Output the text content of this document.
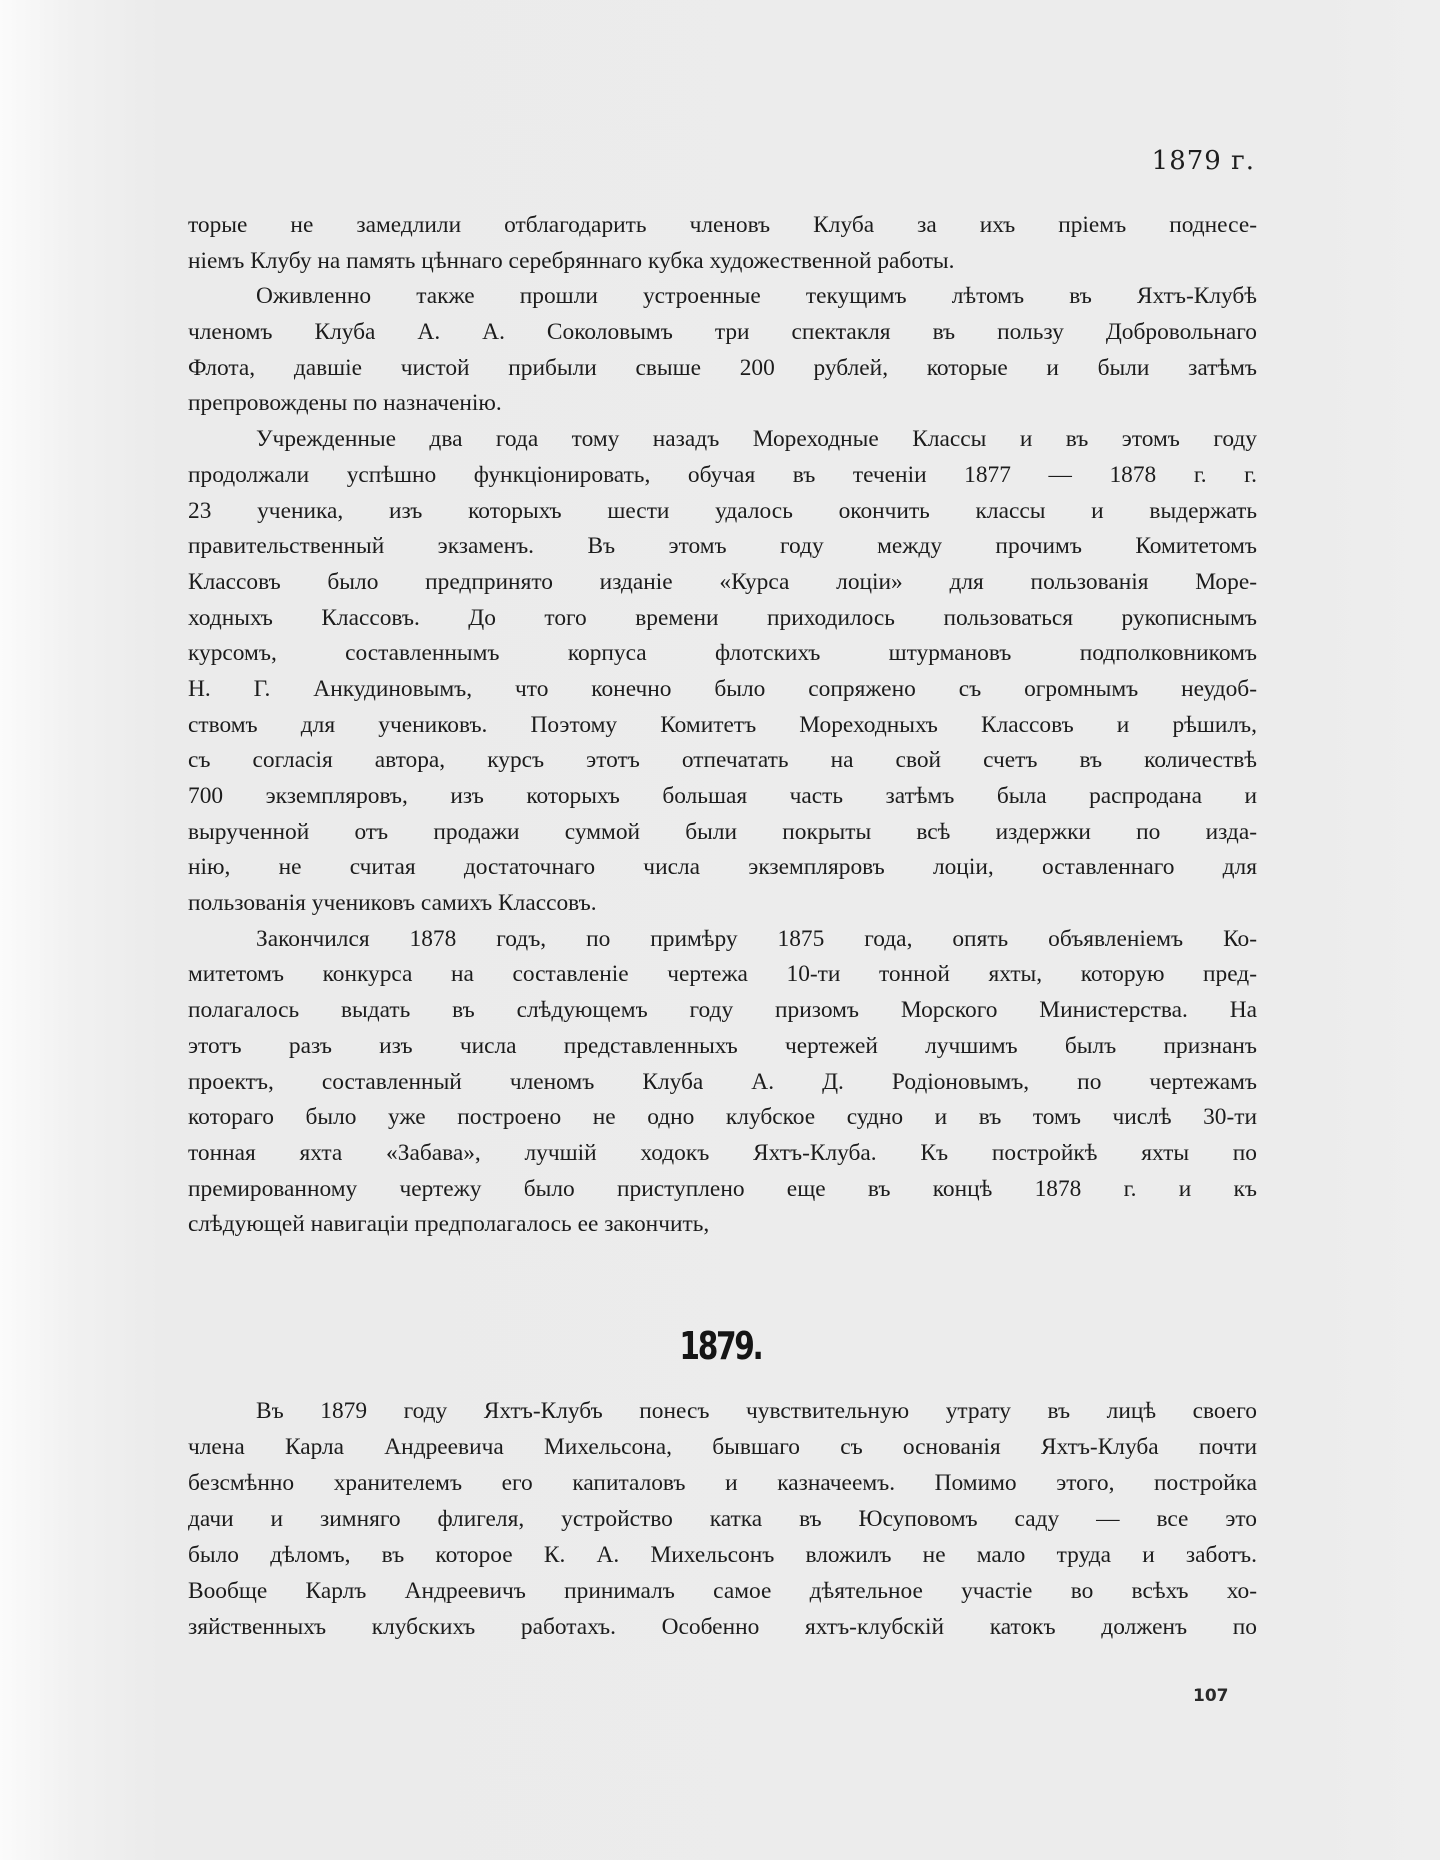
1879 г.
торые не замедлили отблагодарить членовъ Клуба за ихъ пріемъ поднесе-
ніемъ Клубу на память цѣннаго серебряннаго кубка художественной работы.
Оживленно также прошли устроенные текущимъ лѣтомъ въ Яхтъ-Клубѣ
членомъ Клуба А. А. Соколовымъ три спектакля въ пользу Добровольнаго
Флота, давшіе чистой прибыли свыше 200 рублей, которые и были затѣмъ
препровождены по назначенію.
Учрежденные два года тому назадъ Мореходные Классы и въ этомъ году
продолжали успѣшно функціонировать, обучая въ теченіи 1877 — 1878 г. г.
23 ученика, изъ которыхъ шести удалось окончить классы и выдержать
правительственный экзаменъ. Въ этомъ году между прочимъ Комитетомъ
Классовъ было предпринято изданіе «Курса лоціи» для пользованія Море-
ходныхъ Классовъ. До того времени приходилось пользоваться рукописнымъ
курсомъ, составленнымъ корпуса флотскихъ штурмановъ подполковникомъ
Н. Г. Анкудиновымъ, что конечно было сопряжено съ огромнымъ неудоб-
ствомъ для учениковъ. Поэтому Комитетъ Мореходныхъ Классовъ и рѣшилъ,
съ согласія автора, курсъ этотъ отпечатать на свой счетъ въ количествѣ
700 экземпляровъ, изъ которыхъ большая часть затѣмъ была распродана и
вырученной отъ продажи суммой были покрыты всѣ издержки по изда-
нію, не считая достаточнаго числа экземпляровъ лоціи, оставленнаго для
пользованія учениковъ самихъ Классовъ.
Закончился 1878 годъ, по примѣру 1875 года, опять объявленіемъ Ко-
митетомъ конкурса на составленіе чертежа 10-ти тонной яхты, которую пред-
полагалось выдать въ слѣдующемъ году призомъ Морского Министерства. На
этотъ разъ изъ числа представленныхъ чертежей лучшимъ былъ признанъ
проектъ, составленный членомъ Клуба А. Д. Родіоновымъ, по чертежамъ
котораго было уже построено не одно клубское судно и въ томъ числѣ 30-ти
тонная яхта «Забава», лучшій ходокъ Яхтъ-Клуба. Къ постройкѣ яхты по
премированному чертежу было приступлено еще въ концѣ 1878 г. и къ
слѣдующей навигаціи предполагалось ее закончить,
1879.
Въ 1879 году Яхтъ-Клубъ понесъ чувствительную утрату въ лицѣ своего
члена Карла Андреевича Михельсона, бывшаго съ основанія Яхтъ-Клуба почти
безсмѣнно хранителемъ его капиталовъ и казначеемъ. Помимо этого, постройка
дачи и зимняго флигеля, устройство катка въ Юсуповомъ саду — все это
было дѣломъ, въ которое К. А. Михельсонъ вложилъ не мало труда и заботъ.
Вообще Карлъ Андреевичъ принималъ самое дѣятельное участіе во всѣхъ хо-
зяйственныхъ клубскихъ работахъ. Особенно яхтъ-клубскій катокъ долженъ по
107
